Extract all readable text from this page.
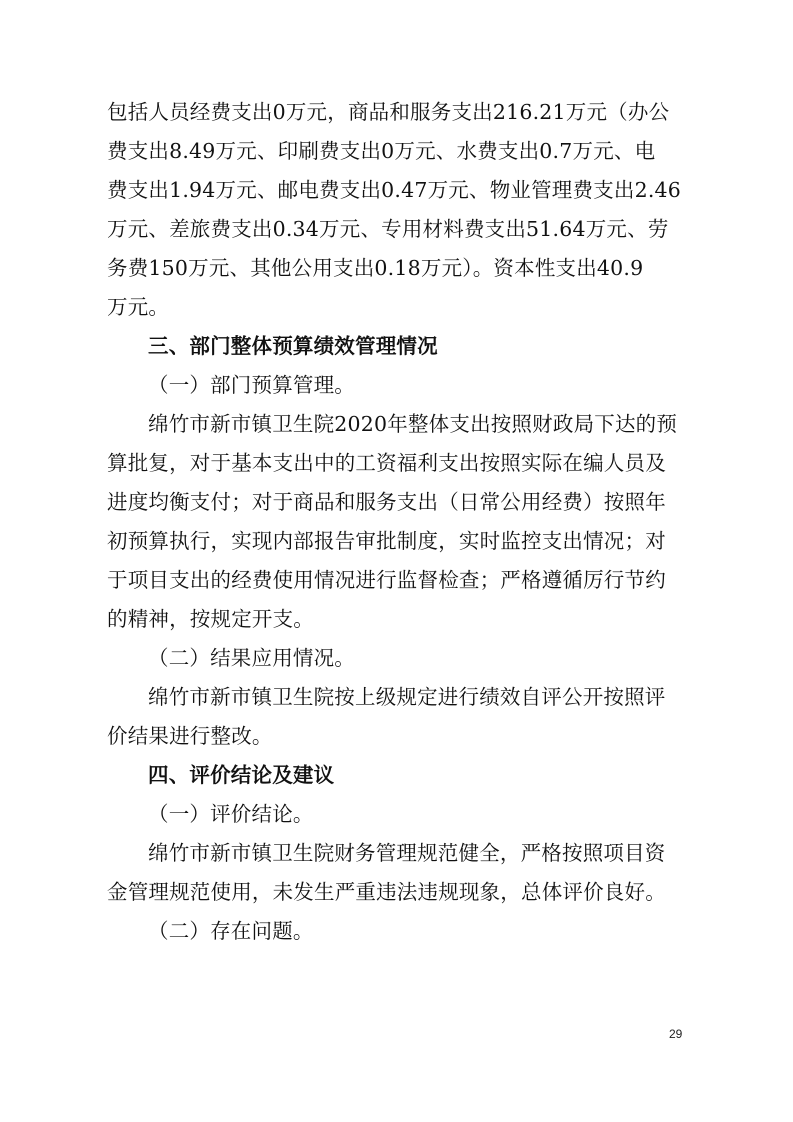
包括人员经费支出0万元，商品和服务支出216.21万元（办公
费支出8.49万元、印刷费支出0万元、水费支出0.7万元、电
费支出1.94万元、邮电费支出0.47万元、物业管理费支出2.46
万元、差旅费支出0.34万元、专用材料费支出51.64万元、劳
务费150万元、其他公用支出0.18万元）。资本性支出40.9
万元。
三、部门整体预算绩效管理情况
（一）部门预算管理。
绵竹市新市镇卫生院2020年整体支出按照财政局下达的预
算批复，对于基本支出中的工资福利支出按照实际在编人员及
进度均衡支付；对于商品和服务支出（日常公用经费）按照年
初预算执行，实现内部报告审批制度，实时监控支出情况；对
于项目支出的经费使用情况进行监督检查；严格遵循厉行节约
的精神，按规定开支。
（二）结果应用情况。
绵竹市新市镇卫生院按上级规定进行绩效自评公开按照评
价结果进行整改。
四、评价结论及建议
（一）评价结论。
绵竹市新市镇卫生院财务管理规范健全，严格按照项目资
金管理规范使用，未发生严重违法违规现象，总体评价良好。
（二）存在问题。
29
